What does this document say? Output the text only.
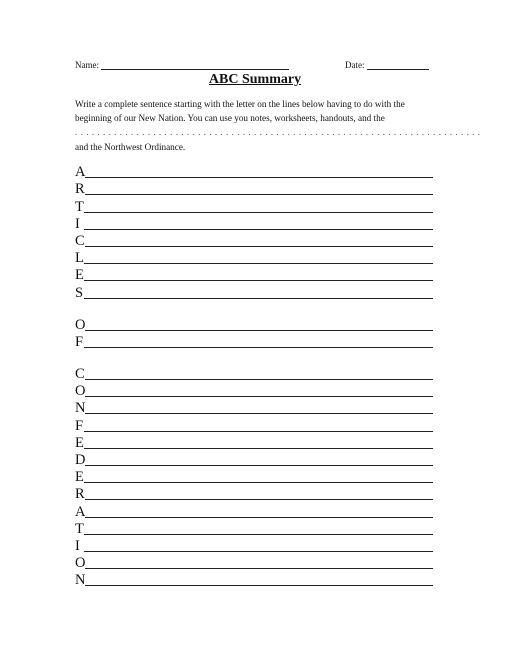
Name:	Date:
ABC Summary

Write a complete sentence starting with the letter on the lines below having to do with the

beginning of our New Nation. You can use you notes, worksheets, handouts, and the

. . . . . . . . . . . . . . . . . . . . . . . . . . . . . . . . . . . . . . . . . . . . . . . . . . . . . . . . . . . . . . . . . . . . . . . . .

and the Northwest Ordinance.

A
R
T
I
C
L
E
S
O
F
C
O
N
F
E
D
E
R
A
T
I
O
N
